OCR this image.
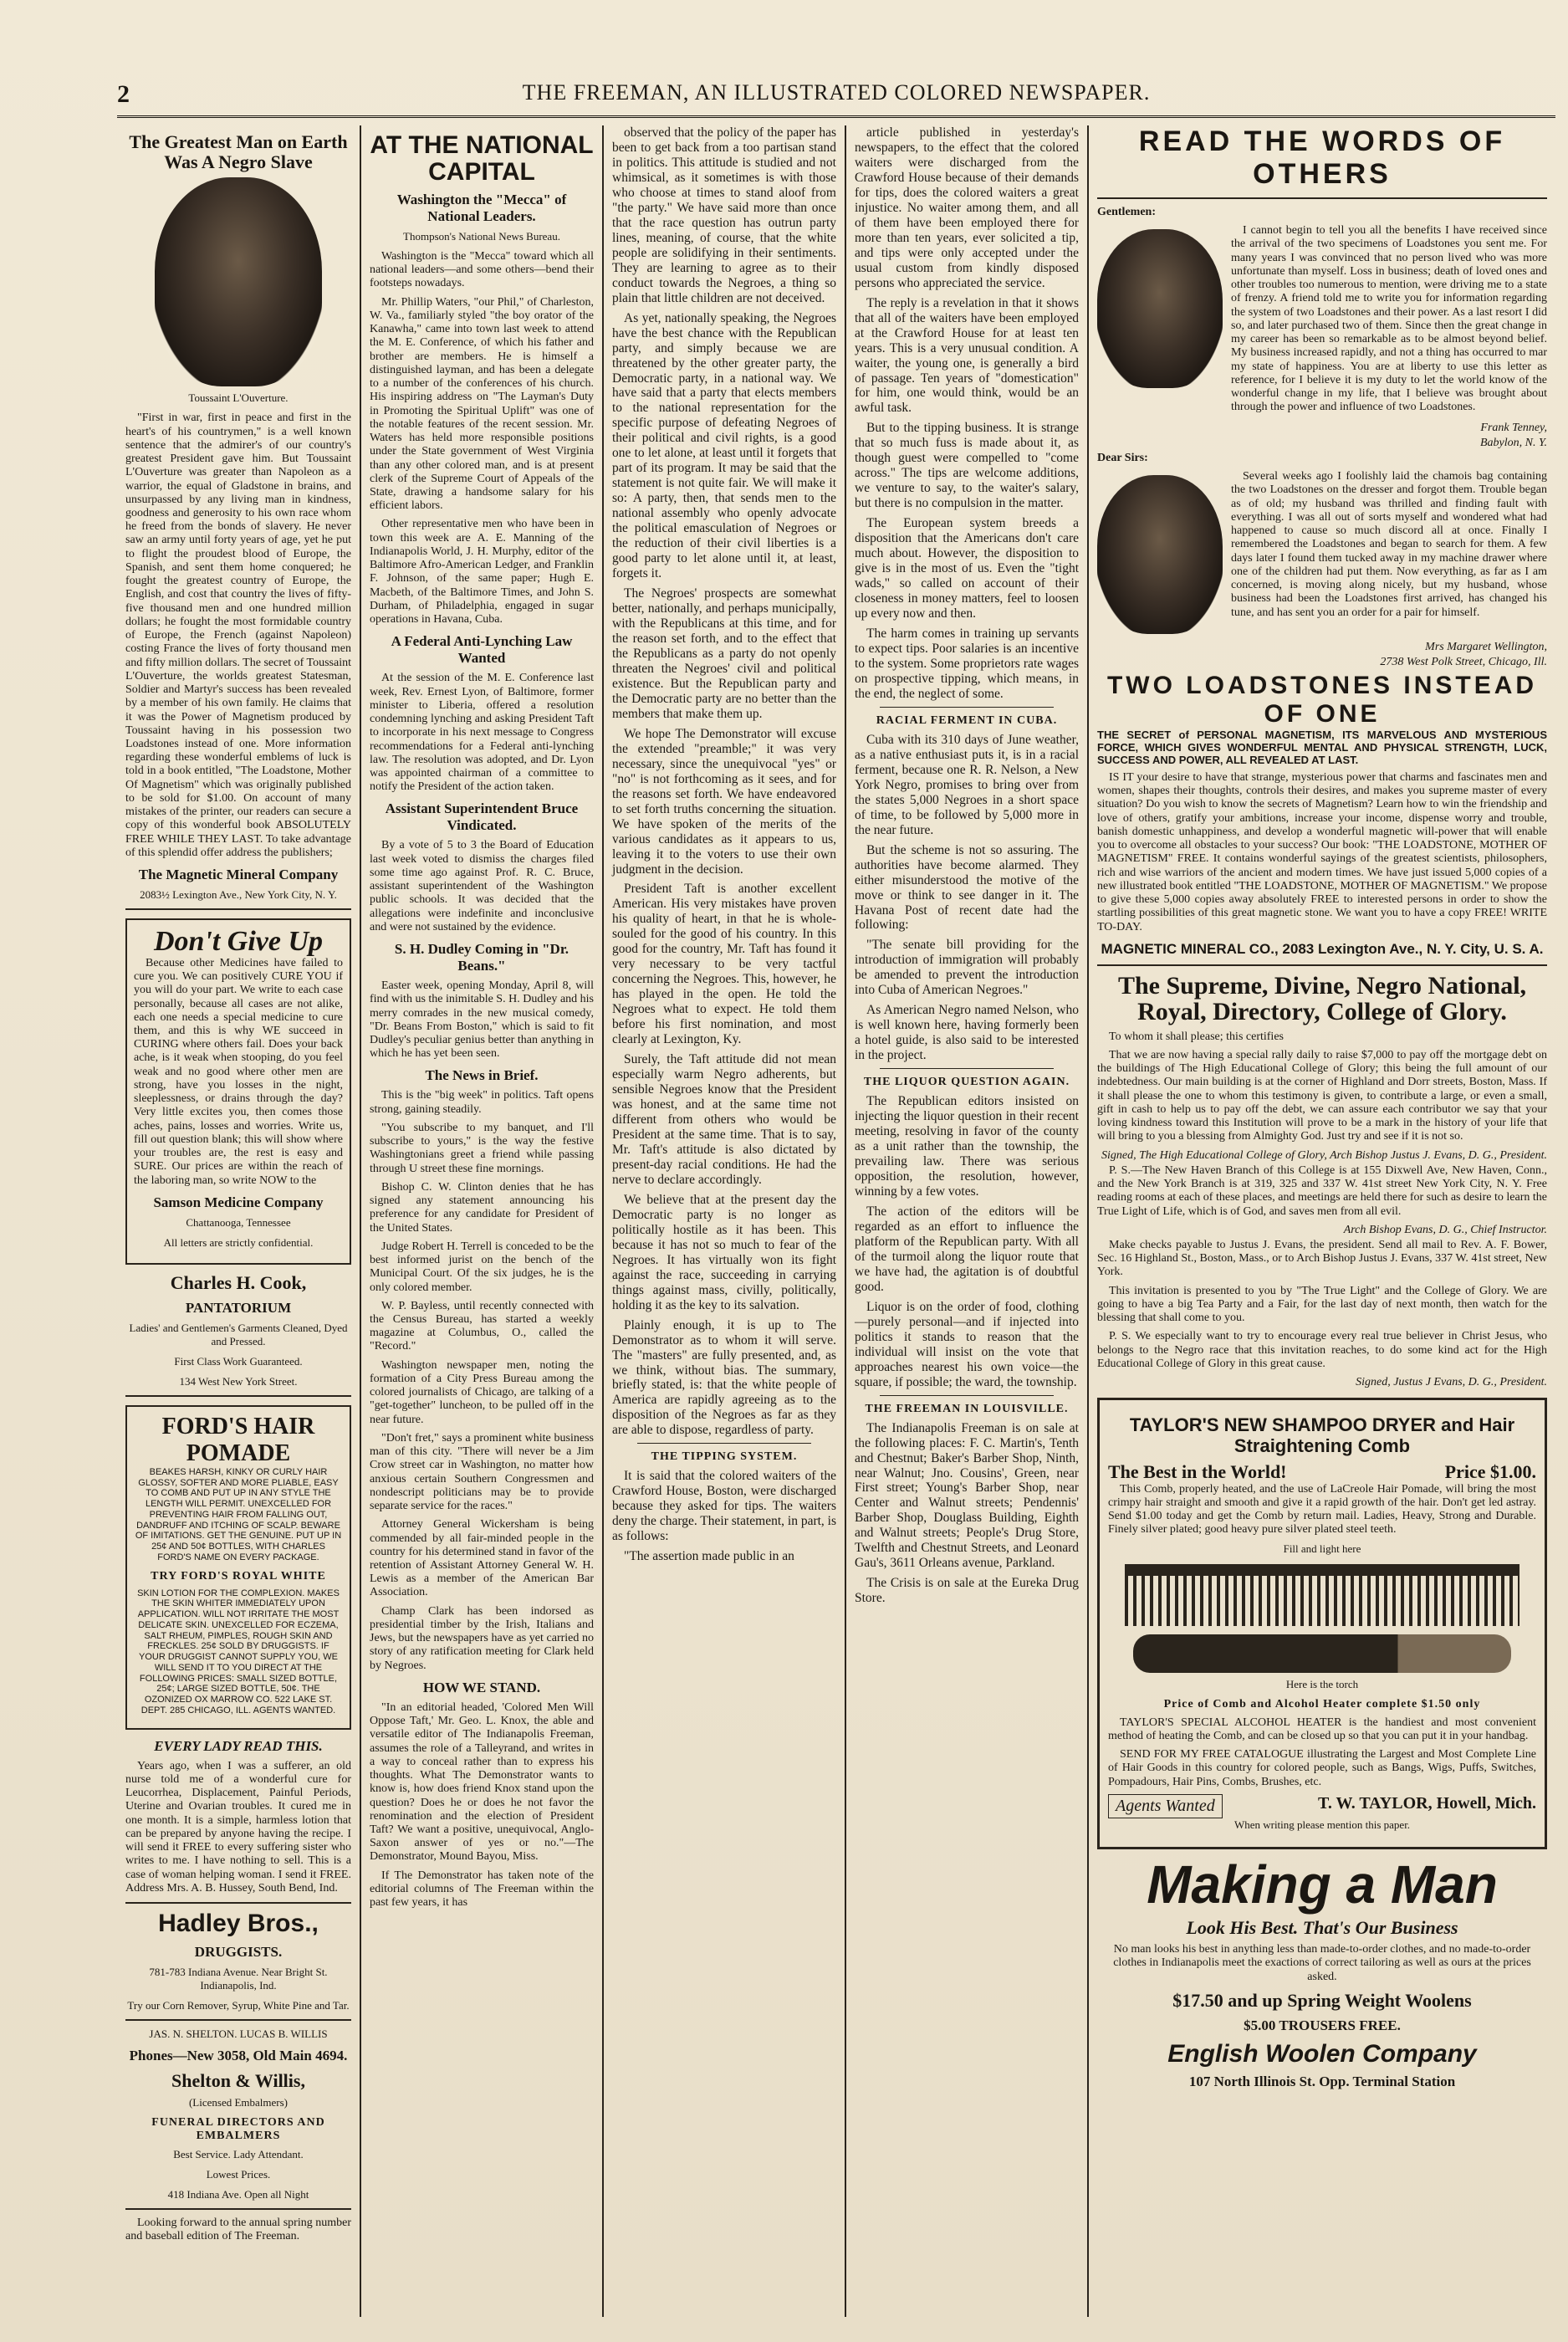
2	THE FREEMAN, AN ILLUSTRATED COLORED NEWSPAPER.
The Greatest Man on Earth Was A Negro Slave
Toussaint L'Ouverture.

"First in war, first in peace and first in the heart's of his countrymen," is a well known sentence that the admirer's of our country's greatest President gave him. But Toussaint L'Ouverture was greater than Napoleon as a warrior, the equal of Gladstone in brains, and unsurpassed by any living man in kindness, goodness and generosity to his own race whom he freed from the bonds of slavery. He never saw an army until forty years of age, yet he put to flight the proudest blood of Europe, the Spanish, and sent them home conquered; he fought the greatest country of Europe, the English, and cost that country the lives of fifty-five thousand men and one hundred million dollars; he fought the most formidable country of Europe, the French (against Napoleon) costing France the lives of forty thousand men and fifty million dollars. The secret of Toussaint L'Ouverture, the worlds greatest Statesman, Soldier and Martyr's success has been revealed by a member of his own family. He claims that it was the Power of Magnetism produced by Toussaint having in his possession two Loadstones instead of one. More information regarding these wonderful emblems of luck is told in a book entitled, "The Loadstone, Mother Of Magnetism" which was originally published to be sold for $1.00. On account of many mistakes of the printer, our readers can secure a copy of this wonderful book ABSOLUTELY FREE WHILE THEY LAST. To take advantage of this splendid offer address the publishers;

The Magnetic Mineral Company
2083½ Lexington Ave., New York City, N. Y.
Don't Give Up

Because other Medicines have failed to cure you. We can positively CURE YOU if you will do your part. We write to each case personally, because all cases are not alike, each one needs a special medicine to cure them, and this is why WE succeed in CURING where others fail. Does your back ache, is it weak when stooping, do you feel weak and no good where other men are strong, have you losses in the night, sleeplessness, or drains through the day? Very little excites you, then comes those aches, pains, losses and worries. Write us, fill out question blank; this will show where your troubles are, the rest is easy and SURE. Our prices are within the reach of the laboring man, so write NOW to the

Samson Medicine Company
Chattanooga, Tennessee
All letters are strictly confidential.
Charles H. Cook,
PANTATORIUM
Ladies' and Gentlemen's Garments Cleaned, Dyed and Pressed.
First Class Work Guaranteed.
134 West New York Street.
FORD'S HAIR POMADE

BEAKES HARSH, KINKY OR CURLY HAIR GLOSSY, SOFTER AND MORE PLIABLE, EASY TO COMB AND PUT UP IN ANY STYLE THE LENGTH WILL PERMIT. UNEXCELLED FOR PREVENTING HAIR FROM FALLING OUT, DANDRUFF AND ITCHING OF SCALP. BEWARE OF IMITATIONS. GET THE GENUINE. PUT UP IN 25¢ AND 50¢ BOTTLES, WITH CHARLES FORD'S NAME ON EVERY PACKAGE.

TRY FORD'S ROYAL WHITE

SKIN LOTION FOR THE COMPLEXION. MAKES THE SKIN WHITER IMMEDIATELY UPON APPLICATION. WILL NOT IRRITATE THE MOST DELICATE SKIN. UNEXCELLED FOR ECZEMA, SALT RHEUM, PIMPLES, ROUGH SKIN AND FRECKLES. 25¢ SOLD BY DRUGGISTS. IF YOUR DRUGGIST CANNOT SUPPLY YOU, WE WILL SEND IT TO YOU DIRECT AT THE FOLLOWING PRICES: SMALL SIZED BOTTLE, 25¢; LARGE SIZED BOTTLE, 50¢. THE OZONIZED OX MARROW CO. 522 LAKE ST. DEPT. 285 CHICAGO, ILL. AGENTS WANTED.

EVERY LADY READ THIS.

Years ago, when I was a sufferer, an old nurse told me of a wonderful cure for Leucorrhea, Displacement, Painful Periods, Uterine and Ovarian troubles. It cured me in one month. It is a simple, harmless lotion that can be prepared by anyone having the recipe. I will send it FREE to every suffering sister who writes to me. I have nothing to sell. This is a case of woman helping woman. I send it FREE. Address Mrs. A. B. Hussey, South Bend, Ind.

Hadley Bros.,
DRUGGISTS.
781-783 Indiana Avenue. Near Bright St. Indianapolis, Ind.
Try our Corn Remover, Syrup, White Pine and Tar.
JAS. N. SHELTON. LUCAS B. WILLIS
Phones—New 3058, Old Main 4694.
Shelton & Willis,
(Licensed Embalmers)
FUNERAL DIRECTORS AND EMBALMERS
Best Service. Lady Attendant.
Lowest Prices.
418 Indiana Ave. Open all Night

Looking forward to the annual spring number and baseball edition of The Freeman.

AT THE NATIONAL CAPITAL
Washington the "Mecca" of National Leaders.
Thompson's National News Bureau.

Washington is the "Mecca" toward which all national leaders—and some others—bend their footsteps nowadays.

Mr. Phillip Waters, "our Phil," of Charleston, W. Va., familiarly styled "the boy orator of the Kanawha," came into town last week to attend the M. E. Conference, of which his father and brother are members. He is himself a distinguished layman, and has been a delegate to a number of the conferences of his church. His inspiring address on "The Layman's Duty in Promoting the Spiritual Uplift" was one of the notable features of the recent session. Mr. Waters has held more responsible positions under the State government of West Virginia than any other colored man, and is at present clerk of the Supreme Court of Appeals of the State, drawing a handsome salary for his efficient labors.

Other representative men who have been in town this week are A. E. Manning of the Indianapolis World, J. H. Murphy, editor of the Baltimore Afro-American Ledger, and Franklin F. Johnson, of the same paper; Hugh E. Macbeth, of the Baltimore Times, and John S. Durham, of Philadelphia, engaged in sugar operations in Havana, Cuba.

A Federal Anti-Lynching Law Wanted

At the session of the M. E. Conference last week, Rev. Ernest Lyon, of Baltimore, former minister to Liberia, offered a resolution condemning lynching and asking President Taft to incorporate in his next message to Congress recommendations for a Federal anti-lynching law. The resolution was adopted, and Dr. Lyon was appointed chairman of a committee to notify the President of the action taken.

Assistant Superintendent Bruce Vindicated.

By a vote of 5 to 3 the Board of Education last week voted to dismiss the charges filed some time ago against Prof. R. C. Bruce, assistant superintendent of the Washington public schools. It was decided that the allegations were indefinite and inconclusive and were not sustained by the evidence.

S. H. Dudley Coming in "Dr. Beans."

Easter week, opening Monday, April 8, will find with us the inimitable S. H. Dudley and his merry comrades in the new musical comedy, "Dr. Beans From Boston," which is said to fit Dudley's peculiar genius better than anything in which he has yet been seen.

The News in Brief.

This is the "big week" in politics. Taft opens strong, gaining steadily.

"You subscribe to my banquet, and I'll subscribe to yours," is the way the festive Washingtonians greet a friend while passing through U street these fine mornings.

Bishop C. W. Clinton denies that he has signed any statement announcing his preference for any candidate for President of the United States.

Judge Robert H. Terrell is conceded to be the best informed jurist on the bench of the Municipal Court. Of the six judges, he is the only colored member.

W. P. Bayless, until recently connected with the Census Bureau, has started a weekly magazine at Columbus, O., called the "Record."

Washington newspaper men, noting the formation of a City Press Bureau among the colored journalists of Chicago, are talking of a "get-together" luncheon, to be pulled off in the near future.

"Don't fret," says a prominent white business man of this city. "There will never be a Jim Crow street car in Washington, no matter how anxious certain Southern Congressmen and nondescript politicians may be to provide separate service for the races."

Attorney General Wickersham is being commended by all fair-minded people in the country for his determined stand in favor of the retention of Assistant Attorney General W. H. Lewis as a member of the American Bar Association.

Champ Clark has been indorsed as presidential timber by the Irish, Italians and Jews, but the newspapers have as yet carried no story of any ratification meeting for Clark held by Negroes.

HOW WE STAND.

"In an editorial headed, 'Colored Men Will Oppose Taft,' Mr. Geo. L. Knox, the able and versatile editor of The Indianapolis Freeman, assumes the role of a Talleyrand, and writes in a way to conceal rather than to express his thoughts. What The Demonstrator wants to know is, how does friend Knox stand upon the question? Does he or does he not favor the renomination and the election of President Taft? We want a positive, unequivocal, Anglo-Saxon answer of yes or no."—The Demonstrator, Mound Bayou, Miss.

If The Demonstrator has taken note of the editorial columns of The Freeman within the past few years, it has

observed that the policy of the paper has been to get back from a too partisan stand in politics. This attitude is studied and not whimsical, as it sometimes is with those who choose at times to stand aloof from "the party." We have said more than once that the race question has outrun party lines, meaning, of course, that the white people are solidifying in their sentiments. They are learning to agree as to their conduct towards the Negroes, a thing so plain that little children are not deceived.

As yet, nationally speaking, the Negroes have the best chance with the Republican party, and simply because we are threatened by the other greater party, the Democratic party, in a national way. We have said that a party that elects members to the national representation for the specific purpose of defeating Negroes of their political and civil rights, is a good one to let alone, at least until it forgets that part of its program. It may be said that the statement is not quite fair. We will make it so: A party, then, that sends men to the national assembly who openly advocate the political emasculation of Negroes or the reduction of their civil liberties is a good party to let alone until it, at least, forgets it.

The Negroes' prospects are somewhat better, nationally, and perhaps municipally, with the Republicans at this time, and for the reason set forth, and to the effect that the Republicans as a party do not openly threaten the Negroes' civil and political existence. But the Republican party and the Democratic party are no better than the members that make them up.

We hope The Demonstrator will excuse the extended "preamble;" it was very necessary, since the unequivocal "yes" or "no" is not forthcoming as it sees, and for the reasons set forth. We have endeavored to set forth truths concerning the situation. We have spoken of the merits of the various candidates as it appears to us, leaving it to the voters to use their own judgment in the decision.

President Taft is another excellent American. His very mistakes have proven his quality of heart, in that he is whole-souled for the good of his country. In this good for the country, Mr. Taft has found it very necessary to be very tactful concerning the Negroes. This, however, he has played in the open. He told the Negroes what to expect. He told them before his first nomination, and most clearly at Lexington, Ky.

Surely, the Taft attitude did not mean especially warm Negro adherents, but sensible Negroes know that the President was honest, and at the same time not different from others who would be President at the same time. That is to say, Mr. Taft's attitude is also dictated by present-day racial conditions. He had the nerve to declare accordingly.

We believe that at the present day the Democratic party is no longer as politically hostile as it has been. This because it has not so much to fear of the Negroes. It has virtually won its fight against the race, succeeding in carrying things against mass, civilly, politically, holding it as the key to its salvation.

Plainly enough, it is up to The Demonstrator as to whom it will serve. The "masters" are fully presented, and, as we think, without bias. The summary, briefly stated, is: that the white people of America are rapidly agreeing as to the disposition of the Negroes as far as they are able to dispose, regardless of party.

THE TIPPING SYSTEM.

It is said that the colored waiters of the Crawford House, Boston, were discharged because they asked for tips. The waiters deny the charge. Their statement, in part, is as follows:

"The assertion made public in an

article published in yesterday's newspapers, to the effect that the colored waiters were discharged from the Crawford House because of their demands for tips, does the colored waiters a great injustice. No waiter among them, and all of them have been employed there for more than ten years, ever solicited a tip, and tips were only accepted under the usual custom from kindly disposed persons who appreciated the service.

The reply is a revelation in that it shows that all of the waiters have been employed at the Crawford House for at least ten years. This is a very unusual condition. A waiter, the young one, is generally a bird of passage. Ten years of "domestication" for him, one would think, would be an awful task.

But to the tipping business. It is strange that so much fuss is made about it, as though guest were compelled to "come across." The tips are welcome additions, we venture to say, to the waiter's salary, but there is no compulsion in the matter.

The European system breeds a disposition that the Americans don't care much about. However, the disposition to give is in the most of us. Even the "tight wads," so called on account of their closeness in money matters, feel to loosen up every now and then.

The harm comes in training up servants to expect tips. Poor salaries is an incentive to the system. Some proprietors rate wages on prospective tipping, which means, in the end, the neglect of some.

RACIAL FERMENT IN CUBA.

Cuba with its 310 days of June weather, as a native enthusiast puts it, is in a racial ferment, because one R. R. Nelson, a New York Negro, promises to bring over from the states 5,000 Negroes in a short space of time, to be followed by 5,000 more in the near future.

But the scheme is not so assuring. The authorities have become alarmed. They either misunderstood the motive of the move or think to see danger in it. The Havana Post of recent date had the following:

"The senate bill providing for the introduction of immigration will probably be amended to prevent the introduction into Cuba of American Negroes."

As American Negro named Nelson, who is well known here, having formerly been a hotel guide, is also said to be interested in the project.

THE LIQUOR QUESTION AGAIN.

The Republican editors insisted on injecting the liquor question in their recent meeting, resolving in favor of the county as a unit rather than the township, the prevailing law. There was serious opposition, the resolution, however, winning by a few votes.

The action of the editors will be regarded as an effort to influence the platform of the Republican party. With all of the turmoil along the liquor route that we have had, the agitation is of doubtful good.

Liquor is on the order of food, clothing—purely personal—and if injected into politics it stands to reason that the individual will insist on the vote that approaches nearest his own voice—the square, if possible; the ward, the township.

THE FREEMAN IN LOUISVILLE.

The Indianapolis Freeman is on sale at the following places: F. C. Martin's, Tenth and Chestnut; Baker's Barber Shop, Ninth, near Walnut; Jno. Cousins', Green, near First street; Young's Barber Shop, near Center and Walnut streets; Pendennis' Barber Shop, Douglass Building, Eighth and Walnut streets; People's Drug Store, Twelfth and Chestnut Streets, and Leonard Gau's, 3611 Orleans avenue, Parkland.

The Crisis is on sale at the Eureka Drug Store.

READ THE WORDS OF OTHERS

Gentlemen:

I cannot begin to tell you all the benefits I have received since the arrival of the two specimens of Loadstones you sent me. For many years I was convinced that no person lived who was more unfortunate than myself. Loss in business; death of loved ones and other troubles too numerous to mention, were driving me to a state of frenzy. A friend told me to write you for information regarding the system of two Loadstones and their power. As a last resort I did so, and later purchased two of them. Since then the great change in my career has been so remarkable as to be almost beyond belief. My business increased rapidly, and not a thing has occurred to mar my state of happiness. You are at liberty to use this letter as reference, for I believe it is my duty to let the world know of the wonderful change in my life, that I believe was brought about through the power and influence of two Loadstones.

Frank Tenney,

Babylon, N. Y.

Dear Sirs:

Several weeks ago I foolishly laid the chamois bag containing the two Loadstones on the dresser and forgot them. Trouble began as of old; my husband was thrilled and finding fault with everything. I was all out of sorts myself and wondered what had happened to cause so much discord all at once. Finally I remembered the Loadstones and began to search for them. A few days later I found them tucked away in my machine drawer where one of the children had put them. Now everything, as far as I am concerned, is moving along nicely, but my husband, whose business had been the Loadstones first arrived, has changed his tune, and has sent you an order for a pair for himself.

Mrs Margaret Wellington,

2738 West Polk Street, Chicago, Ill.

TWO LOADSTONES INSTEAD OF ONE

THE SECRET of PERSONAL MAGNETISM, ITS MARVELOUS AND MYSTERIOUS FORCE, WHICH GIVES WONDERFUL MENTAL AND PHYSICAL STRENGTH, LUCK, SUCCESS AND POWER, ALL REVEALED AT LAST.

IS IT your desire to have that strange, mysterious power that charms and fascinates men and women, shapes their thoughts, controls their desires, and makes you supreme master of every situation? Do you wish to know the secrets of Magnetism? Learn how to win the friendship and love of others, gratify your ambitions, increase your income, dispense worry and trouble, banish domestic unhappiness, and develop a wonderful magnetic will-power that will enable you to overcome all obstacles to your success? Our book: "THE LOADSTONE, MOTHER OF MAGNETISM" FREE. It contains wonderful sayings of the greatest scientists, philosophers, rich and wise warriors of the ancient and modern times. We have just issued 5,000 copies of a new illustrated book entitled "THE LOADSTONE, MOTHER OF MAGNETISM." We propose to give these 5,000 copies away absolutely FREE to interested persons in order to show the startling possibilities of this great magnetic stone. We want you to have a copy FREE! WRITE TO-DAY.

MAGNETIC MINERAL CO., 2083 Lexington Ave., N. Y. City, U. S. A.
The Supreme, Divine, Negro National, Royal, Directory, College of Glory.

To whom it shall please; this certifies

That we are now having a special rally daily to raise $7,000 to pay off the mortgage debt on the buildings of The High Educational College of Glory; this being the full amount of our indebtedness. Our main building is at the corner of Highland and Dorr streets, Boston, Mass. If it shall please the one to whom this testimony is given, to contribute a large, or even a small, gift in cash to help us to pay off the debt, we can assure each contributor we say that your loving kindness toward this Institution will prove to be a mark in the history of your life that will bring to you a blessing from Almighty God. Just try and see if it is not so.

Signed, The High Educational College of Glory, Arch Bishop Justus J. Evans, D. G., President.

P. S.—The New Haven Branch of this College is at 155 Dixwell Ave, New Haven, Conn., and the New York Branch is at 319, 325 and 337 W. 41st street New York City, N. Y. Free reading rooms at each of these places, and meetings are held there for such as desire to learn the True Light of Life, which is of God, and saves men from all evil.

Arch Bishop Evans, D. G., Chief Instructor.

Make checks payable to Justus J. Evans, the president. Send all mail to Rev. A. F. Bower, Sec. 16 Highland St., Boston, Mass., or to Arch Bishop Justus J. Evans, 337 W. 41st street, New York.

This invitation is presented to you by "The True Light" and the College of Glory. We are going to have a big Tea Party and a Fair, for the last day of next month, then watch for the blessing that shall come to you.

P. S. We especially want to try to encourage every real true believer in Christ Jesus, who belongs to the Negro race that this invitation reaches, to do some kind act for the High Educational College of Glory in this great cause.

Signed, Justus J Evans, D. G., President.

TAYLOR'S NEW SHAMPOO DRYER and Hair Straightening Comb
The Best in the World!	Price $1.00.

This Comb, properly heated, and the use of LaCreole Hair Pomade, will bring the most crimpy hair straight and smooth and give it a rapid growth of the hair. Don't get led astray. Send $1.00 today and get the Comb by return mail. Ladies, Heavy, Strong and Durable. Finely silver plated; good heavy pure silver plated steel teeth.

Fill and light here
Here is the torch
Price of Comb and Alcohol Heater complete $1.50 only

TAYLOR'S SPECIAL ALCOHOL HEATER is the handiest and most convenient method of heating the Comb, and can be closed up so that you can put it in your handbag.

SEND FOR MY FREE CATALOGUE illustrating the Largest and Most Complete Line of Hair Goods in this country for colored people, such as Bangs, Wigs, Puffs, Switches, Pompadours, Hair Pins, Combs, Brushes, etc.

Agents Wanted	T. W. TAYLOR, Howell, Mich.
When writing please mention this paper.
Making a Man
Look His Best. That's Our Business

No man looks his best in anything less than made-to-order clothes, and no made-to-order clothes in Indianapolis meet the exactions of correct tailoring as well as ours at the prices asked.

$17.50 and up Spring Weight Woolens
$5.00 TROUSERS FREE.
English Woolen Company
107 North Illinois St. Opp. Terminal Station
